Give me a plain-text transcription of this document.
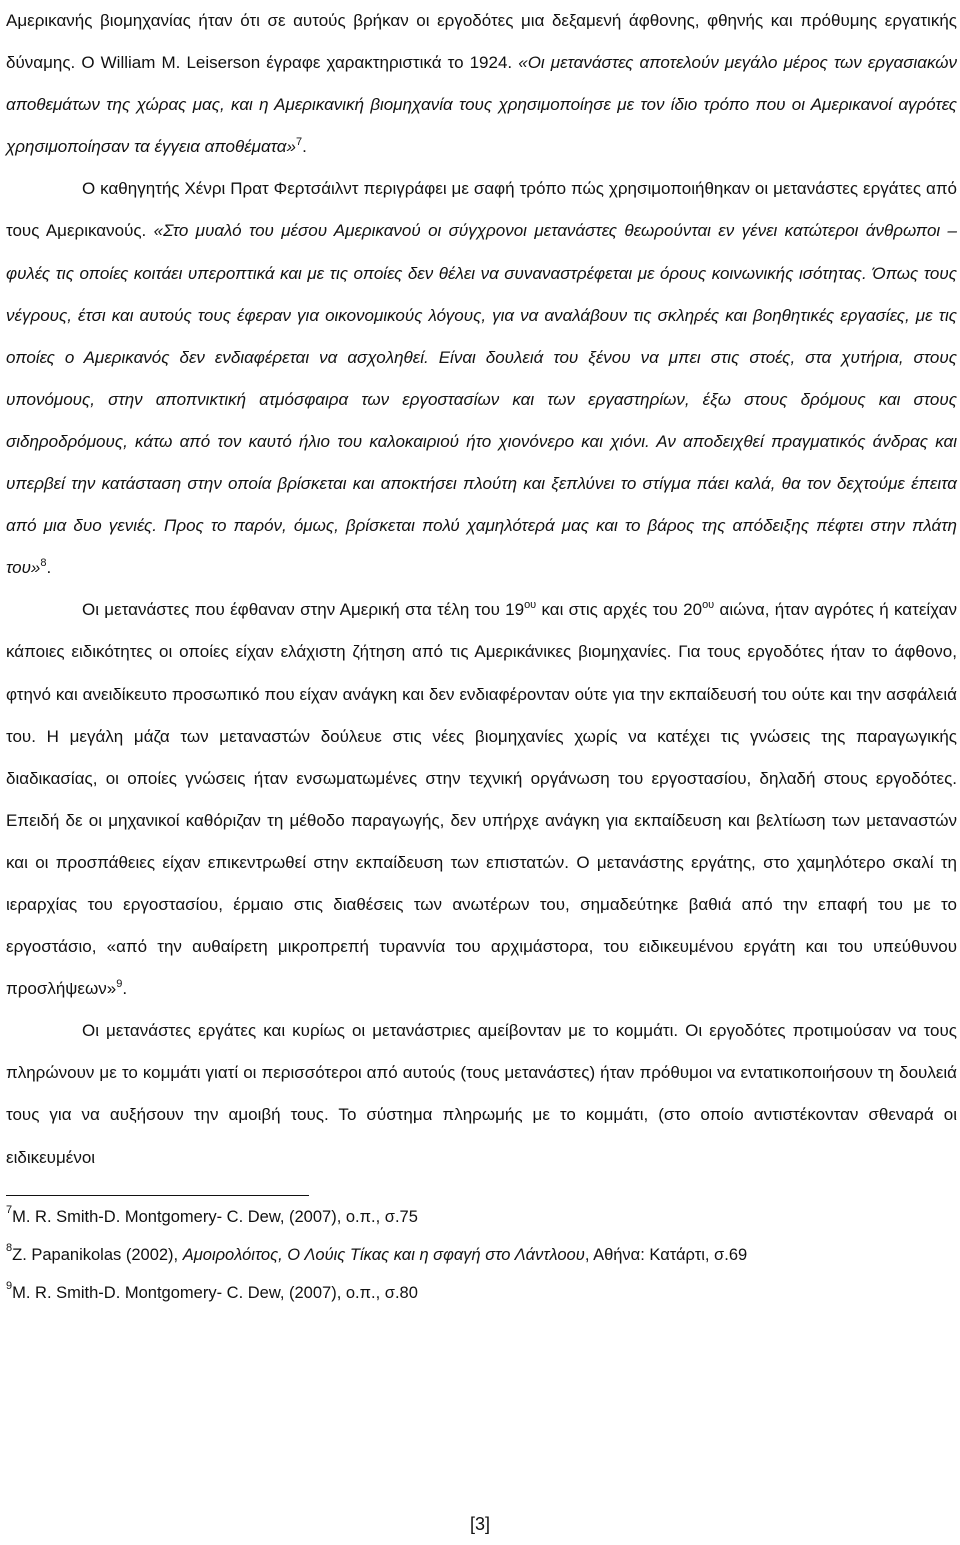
Αμερικανής βιομηχανίας ήταν ότι σε αυτούς βρήκαν οι εργοδότες μια δεξαμενή άφθονης, φθηνής και πρόθυμης εργατικής δύναμης. Ο William M. Leiserson έγραφε χαρακτηριστικά το 1924. «Οι μετανάστες αποτελούν μεγάλο μέρος των εργασιακών αποθεμάτων της χώρας μας, και η Αμερικανική βιομηχανία τους χρησιμοποίησε με τον ίδιο τρόπο που οι Αμερικανοί αγρότες χρησιμοποίησαν τα έγγεια αποθέματα»$^7$.

Ο καθηγητής Χένρι Πρατ Φερτσάιλντ περιγράφει με σαφή τρόπο πώς χρησιμοποιήθηκαν οι μετανάστες εργάτες από τους Αμερικανούς. «Στο μυαλό του μέσου Αμερικανού οι σύγχρονοι μετανάστες θεωρούνται εν γένει κατώτεροι άνθρωποι – φυλές τις οποίες κοιτάει υπεροπτικά και με τις οποίες δεν θέλει να συναναστρέφεται με όρους κοινωνικής ισότητας. Όπως τους νέγρους, έτσι και αυτούς τους έφεραν για οικονομικούς λόγους, για να αναλάβουν τις σκληρές και βοηθητικές εργασίες, με τις οποίες ο Αμερικανός δεν ενδιαφέρεται να ασχοληθεί. Είναι δουλειά του ξένου να μπει στις στοές, στα χυτήρια, στους υπονόμους, στην αποπνικτική ατμόσφαιρα των εργοστασίων και των εργαστηρίων, έξω στους δρόμους και στους σιδηροδρόμους, κάτω από τον καυτό ήλιο του καλοκαιριού ήτο χιονόνερο και χιόνι. Αν αποδειχθεί πραγματικός άνδρας και υπερβεί την κατάσταση στην οποία βρίσκεται και αποκτήσει πλούτη και ξεπλύνει το στίγμα πάει καλά, θα τον δεχτούμε έπειτα από μια δυο γενιές. Προς το παρόν, όμως, βρίσκεται πολύ χαμηλότερά μας και το βάρος της απόδειξης πέφτει στην πλάτη του»$^8$.

Οι μετανάστες που έφθαναν στην Αμερική στα τέλη του $19^{o\upsilon}$ και στις αρχές του $20^{o\upsilon}$ αιώνα, ήταν αγρότες ή κατείχαν κάποιες ειδικότητες οι οποίες είχαν ελάχιστη ζήτηση από τις Αμερικάνικες βιομηχανίες. Για τους εργοδότες ήταν το άφθονο, φτηνό και ανειδίκευτο προσωπικό που είχαν ανάγκη και δεν ενδιαφέρονταν ούτε για την εκπαίδευσή του ούτε και την ασφάλειά του. Η μεγάλη μάζα των μεταναστών δούλευε στις νέες βιομηχανίες χωρίς να κατέχει τις γνώσεις της παραγωγικής διαδικασίας, οι οποίες γνώσεις ήταν ενσωματωμένες στην τεχνική οργάνωση του εργοστασίου, δηλαδή στους εργοδότες. Επειδή δε οι μηχανικοί καθόριζαν τη μέθοδο παραγωγής, δεν υπήρχε ανάγκη για εκπαίδευση και βελτίωση των μεταναστών και οι προσπάθειες είχαν επικεντρωθεί στην εκπαίδευση των επιστατών. Ο μετανάστης εργάτης, στο χαμηλότερο σκαλί τη ιεραρχίας του εργοστασίου, έρμαιο στις διαθέσεις των ανωτέρων του, σημαδεύτηκε βαθιά από την επαφή του με το εργοστάσιο, «από την αυθαίρετη μικροπρεπή τυραννία του αρχιμάστορα, του ειδικευμένου εργάτη και του υπεύθυνου προσλήψεων»$^9$.

Οι μετανάστες εργάτες και κυρίως οι μετανάστριες αμείβονταν με το κομμάτι. Οι εργοδότες προτιμούσαν να τους πληρώνουν με το κομμάτι γιατί οι περισσότεροι από αυτούς (τους μετανάστες) ήταν πρόθυμοι να εντατικοποιήσουν τη δουλειά τους για να αυξήσουν την αμοιβή τους. Το σύστημα πληρωμής με το κομμάτι, (στο οποίο αντιστέκονταν σθεναρά οι ειδικευμένοι

$^7$M. R. Smith-D. Montgomery- C. Dew, (2007), ο.π., σ.75
$^8$Z. Papanikolas (2002), Αμοιρολόιτος, Ο Λούις Τίκας και η σφαγή στο Λάντλοου, Αθήνα: Κατάρτι, σ.69
$^9$M. R. Smith-D. Montgomery- C. Dew, (2007), ο.π., σ.80
[3]
